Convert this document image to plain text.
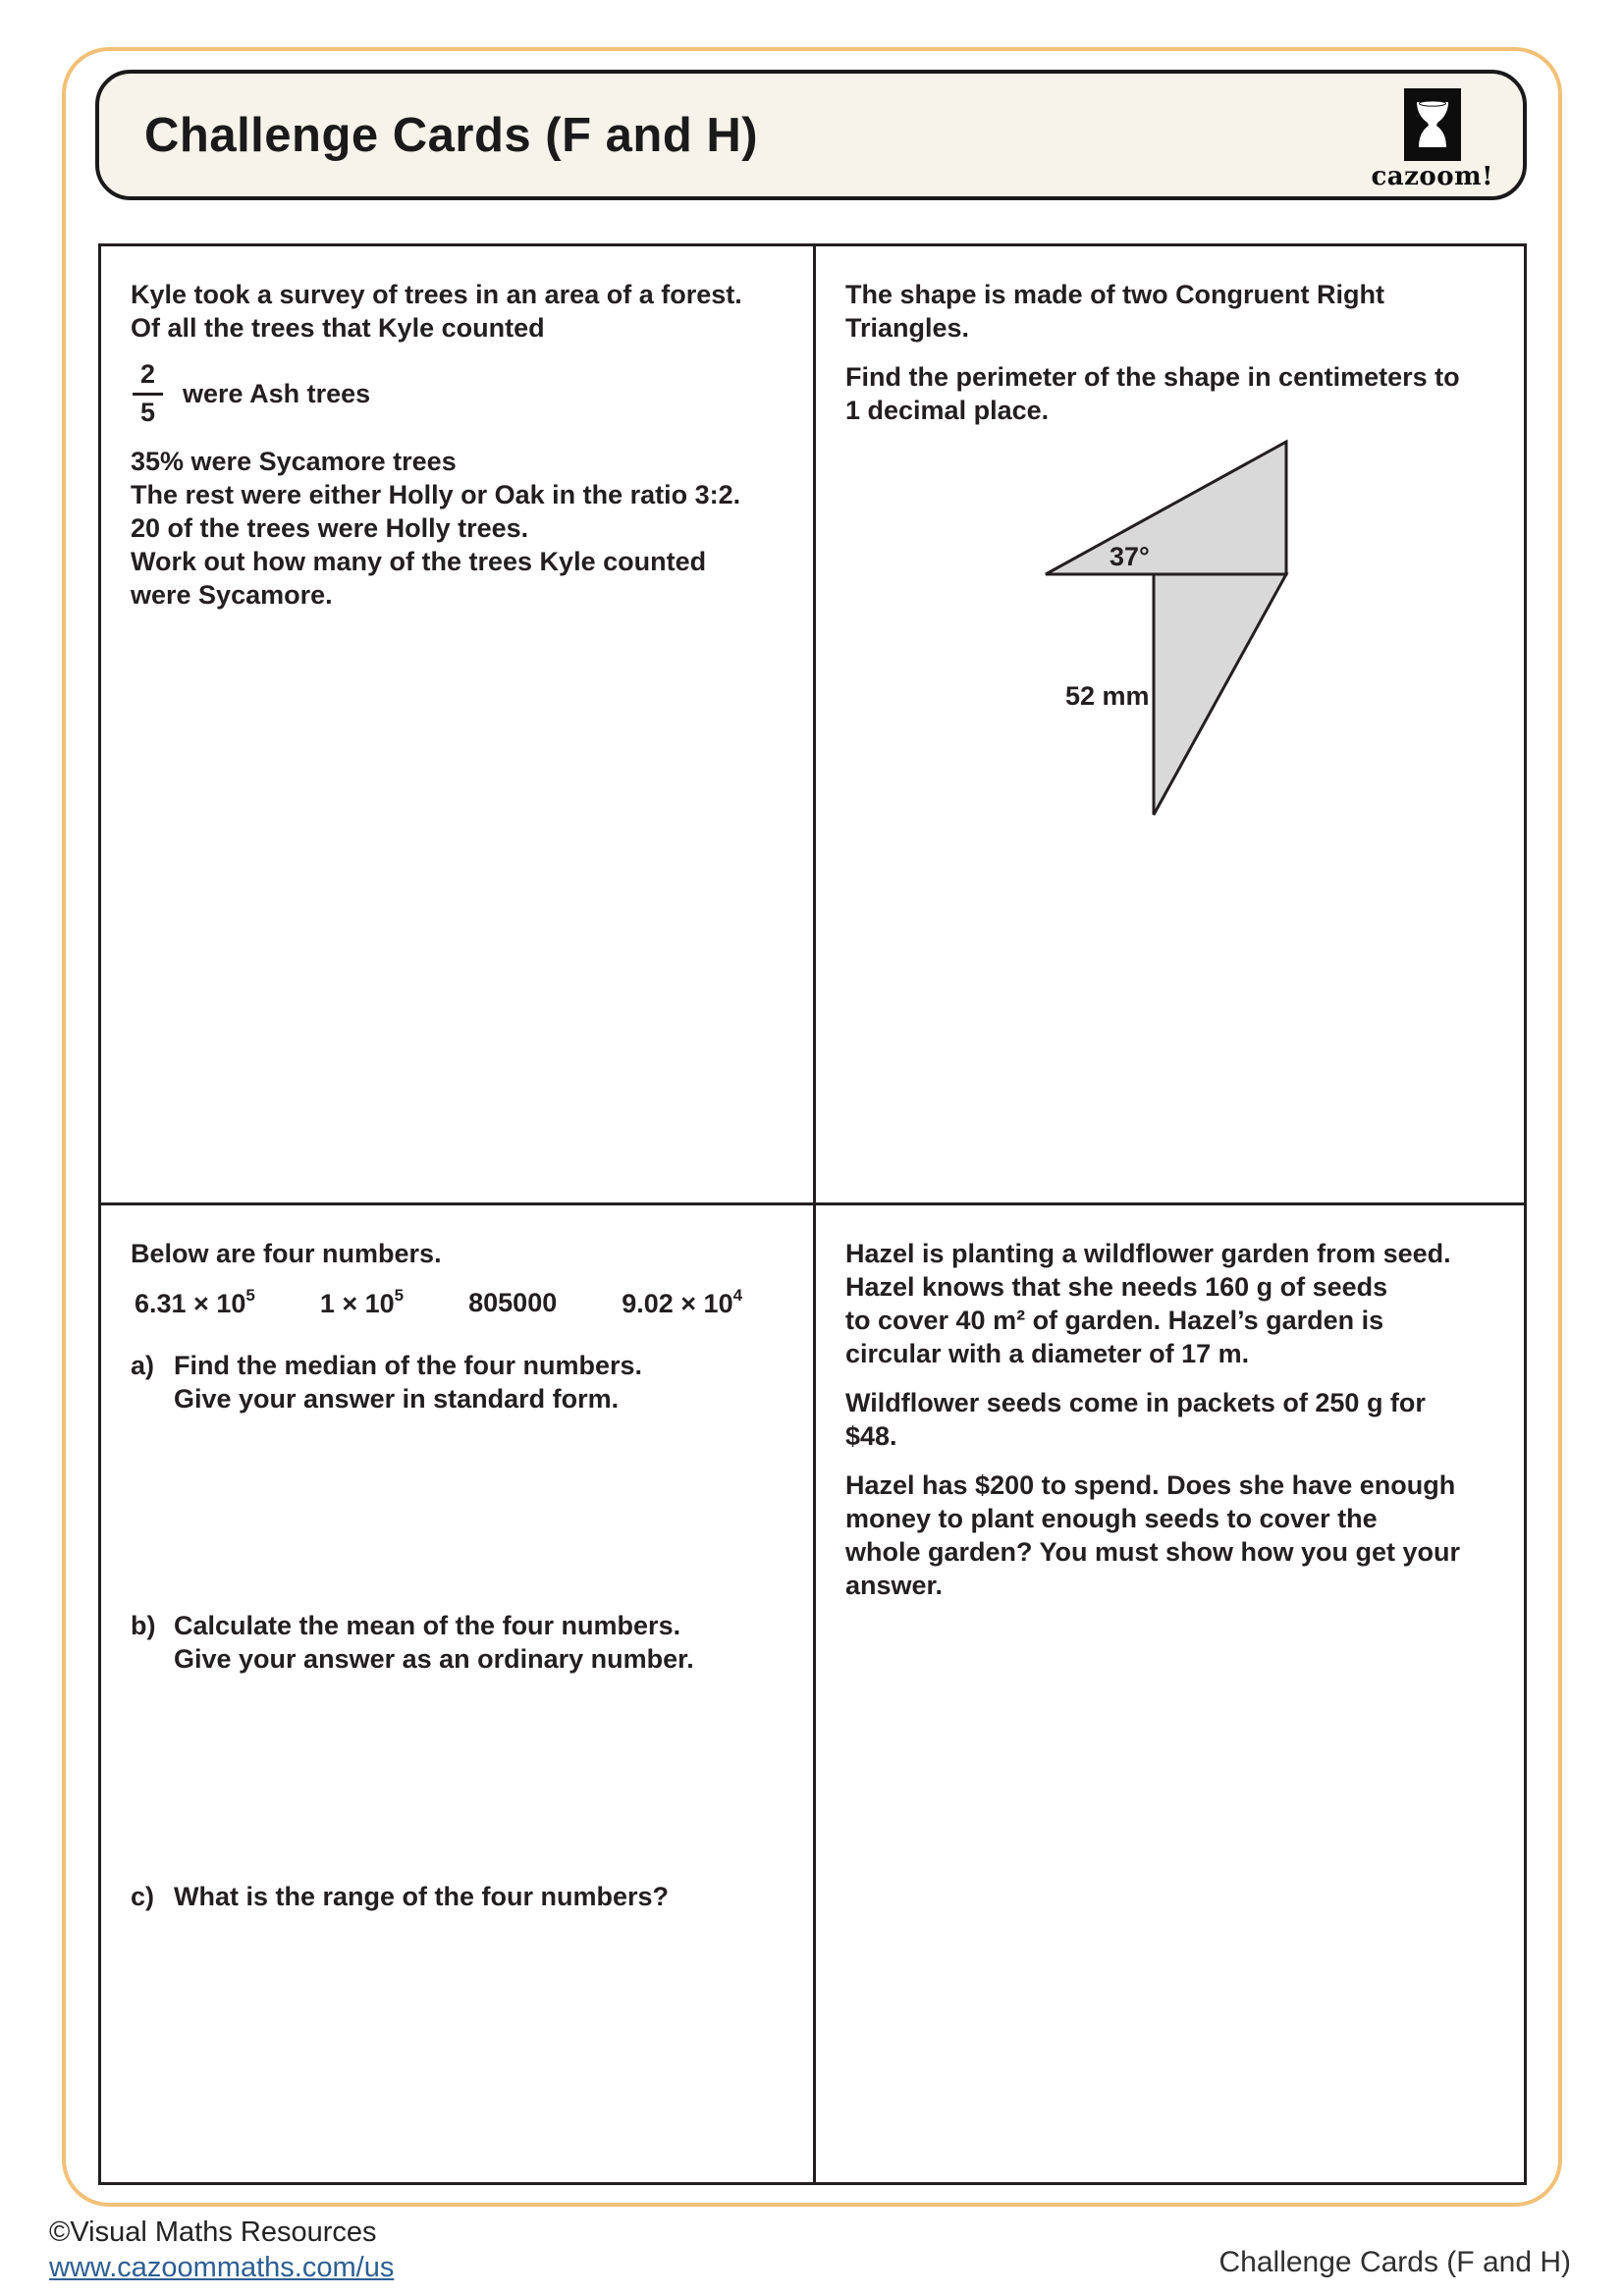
Challenge Cards (F and H)
cazoom!
Kyle took a survey of trees in an area of a forest.
Of all the trees that Kyle counted
$\frac{2}{5}$ were Ash trees

35% were Sycamore trees

The rest were either Holly or Oak in the ratio 3:2.

20 of the trees were Holly trees.

Work out how many of the trees Kyle counted
were Sycamore.
The shape is made of two Congruent Right
Triangles.
Find the perimeter of the shape in centimeters to
1 decimal place.
37°
52 mm

Below are four numbers.

$6.31 \times 10^5$ $1 \times 10^5$ 805000 $9.02 \times 10^4$
a) Find the median of the four numbers.
Give your answer in standard form.
b) Calculate the mean of the four numbers.
Give your answer as an ordinary number.
c) What is the range of the four numbers?

Hazel is planting a wildflower garden from seed.

Hazel knows that she needs 160 g of seeds
to cover 40 m² of garden. Hazel’s garden is
circular with a diameter of 17 m.
Wildflower seeds come in packets of 250 g for
$48.
Hazel has $200 to spend. Does she have enough
money to plant enough seeds to cover the
whole garden? You must show how you get your
answer.
©Visual Maths Resources
www.cazoommaths.com/us	Challenge Cards (F and H)
